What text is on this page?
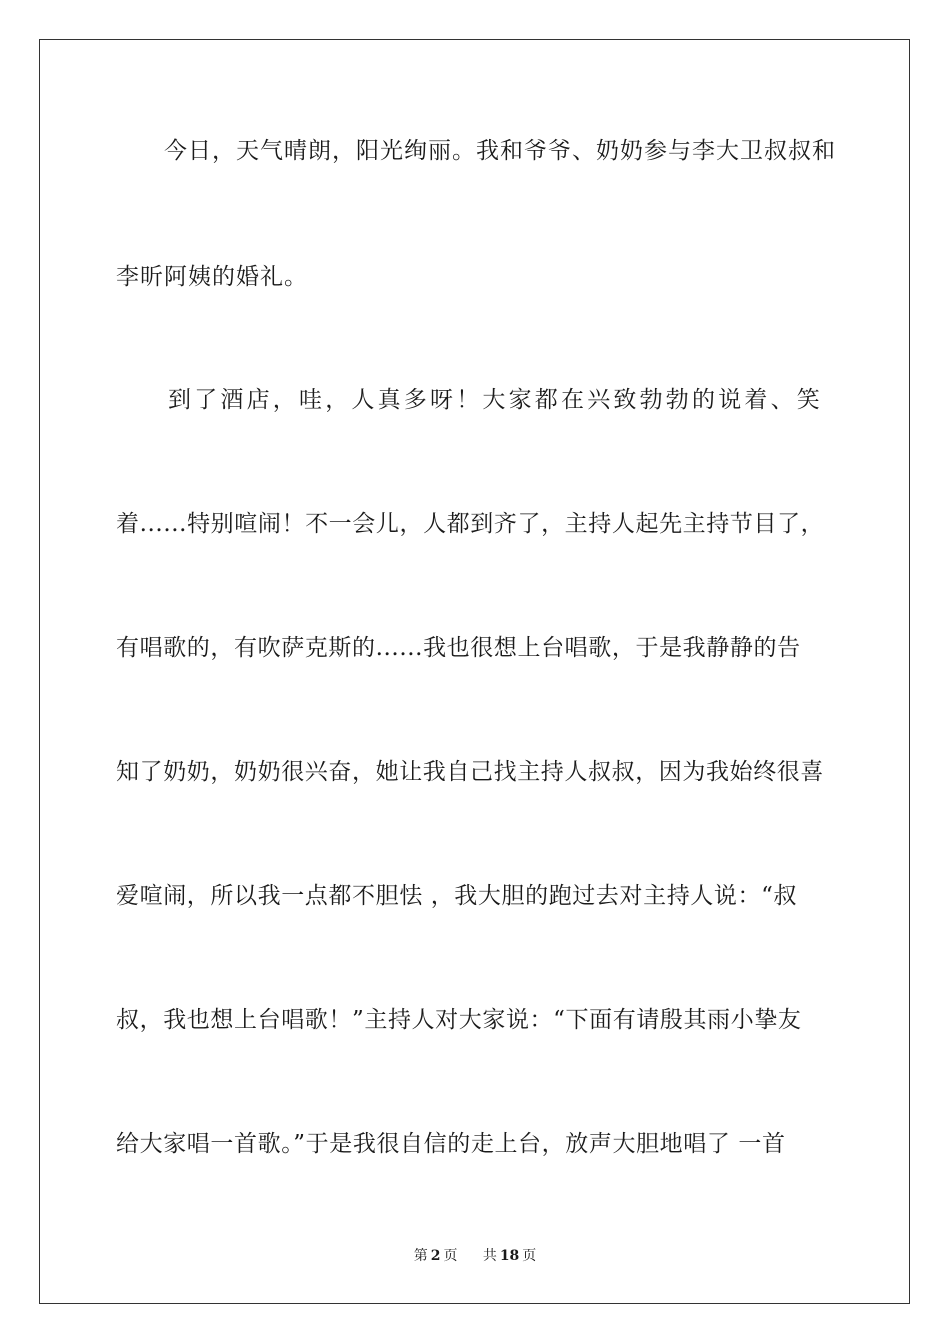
今日，天气晴朗，阳光绚丽。我和爷爷、奶奶参与李大卫叔叔和
李昕阿姨的婚礼。
到了酒店，哇，人真多呀！大家都在兴致勃勃的说着、笑
着......特别喧闹！不一会儿，人都到齐了，主持人起先主持节目了，
有唱歌的，有吹萨克斯的......我也很想上台唱歌，于是我静静的告
知了奶奶，奶奶很兴奋，她让我自己找主持人叔叔，因为我始终很喜
爱喧闹，所以我一点都不胆怯 ，我大胆的跑过去对主持人说：“叔
叔，我也想上台唱歌！”主持人对大家说：“下面有请殷其雨小挚友
给大家唱一首歌。”于是我很自信的走上台，放声大胆地唱了 一首
第 2 页 共 18 页
